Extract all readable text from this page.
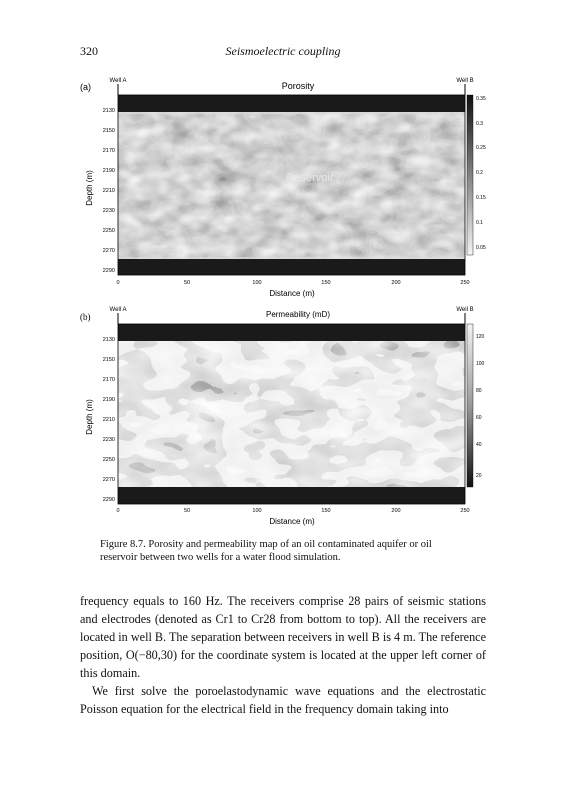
320	Seismoelectric coupling
(a)
Well A	Well B
Porosity
Reservoir
2130
2150
2170
2190
2210
2230
2250
2270
2290
Depth (m)
0	50	100	150	200	250
Distance (m)
0.35
0.3
0.25
0.2
0.15
0.1
0.05
(b)
Well A	Well B
Permeability (mD)
2130
2150
2170
2190
2210
2230
2250
2270
2290
Depth (m)
0	50	100	150	200	250
Distance (m)
120
100
80
60
40
20
Figure 8.7. Porosity and permeability map of an oil contaminated aquifer or oil reservoir between two wells for a water flood simulation.

frequency equals to 160 Hz. The receivers comprise 28 pairs of seismic stations and electrodes (denoted as Cr1 to Cr28 from bottom to top). All the receivers are located in well B. The separation between receivers in well B is 4 m. The reference position, O(−80,30) for the coordinate system is located at the upper left corner of this domain.

We first solve the poroelastodynamic wave equations and the electrostatic Poisson equation for the electrical field in the frequency domain taking into
